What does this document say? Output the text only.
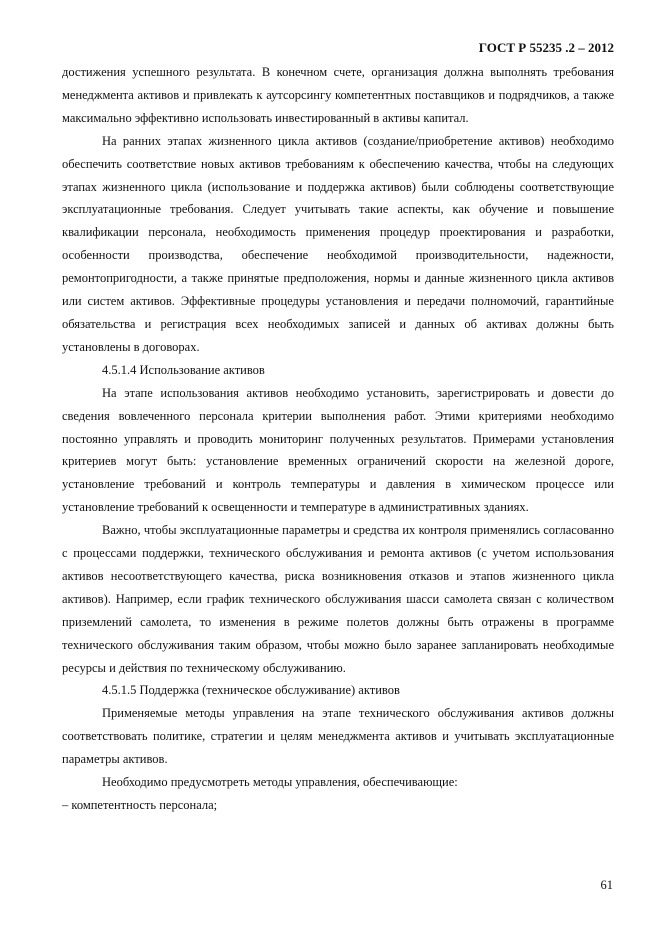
ГОСТ Р 55235 .2 – 2012

достижения успешного результата. В конечном счете, организация должна выполнять требования менеджмента активов и привлекать к аутсорсингу компетентных поставщиков и подрядчиков, а также максимально эффективно использовать инвестированный в активы капитал.

На ранних этапах жизненного цикла активов (создание/приобретение активов) необходимо обеспечить соответствие новых активов требованиям к обеспечению качества, чтобы на следующих этапах жизненного цикла (использование и поддержка активов) были соблюдены соответствующие эксплуатационные требования. Следует учитывать такие аспекты, как обучение и повышение квалификации персонала, необходимость применения процедур проектирования и разработки, особенности производства, обеспечение необходимой производительности, надежности, ремонтопригодности, а также принятые предположения, нормы и данные жизненного цикла активов или систем активов. Эффективные процедуры установления и передачи полномочий, гарантийные обязательства и регистрация всех необходимых записей и данных об активах должны быть установлены в договорах.

4.5.1.4 Использование активов

На этапе использования активов необходимо установить, зарегистрировать и довести до сведения вовлеченного персонала критерии выполнения работ. Этими критериями необходимо постоянно управлять и проводить мониторинг полученных результатов. Примерами установления критериев могут быть: установление временных ограничений скорости на железной дороге, установление требований и контроль температуры и давления в химическом процессе или установление требований к освещенности и температуре в административных зданиях.

Важно, чтобы эксплуатационные параметры и средства их контроля применялись согласованно с процессами поддержки, технического обслуживания и ремонта активов (с учетом использования активов несоответствующего качества, риска возникновения отказов и этапов жизненного цикла активов). Например, если график технического обслуживания шасси самолета связан с количеством приземлений самолета, то изменения в режиме полетов должны быть отражены в программе технического обслуживания таким образом, чтобы можно было заранее запланировать необходимые ресурсы и действия по техническому обслуживанию.

4.5.1.5 Поддержка (техническое обслуживание) активов

Применяемые методы управления на этапе технического обслуживания активов должны соответствовать политике, стратегии и целям менеджмента активов и учитывать эксплуатационные параметры активов.

Необходимо предусмотреть методы управления, обеспечивающие:

– компетентность персонала;

61
